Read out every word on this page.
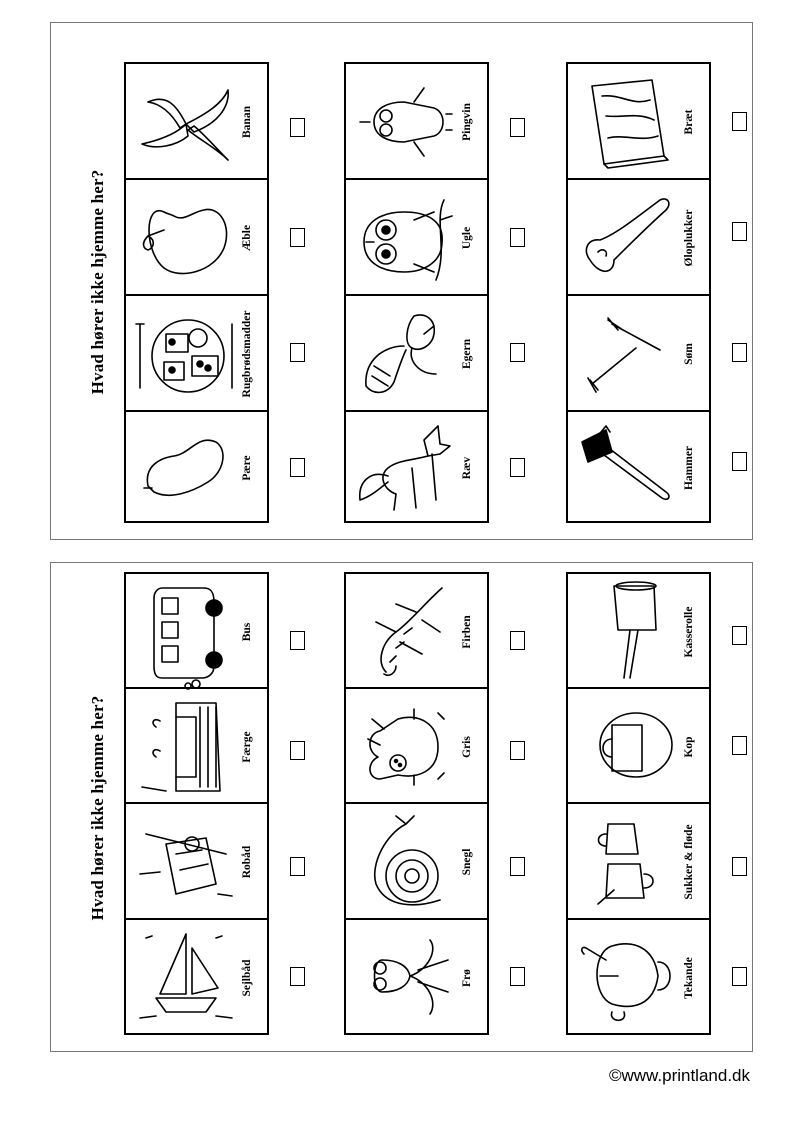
Hvad hører ikke hjemme her?
Pære
Rugbrødsmadder
Æble
Banan
Ræv
Egern
Ugle
Pingvin
Hammer
Søm
Øloplukker
Bræt
Hvad hører ikke hjemme her?
Sejlbåd
Robåd
Færge
Bus
Frø
Snegl
Gris
Firben
Tekande
Sukker & fløde
Kop
Kasserolle
©www.printland.dk
